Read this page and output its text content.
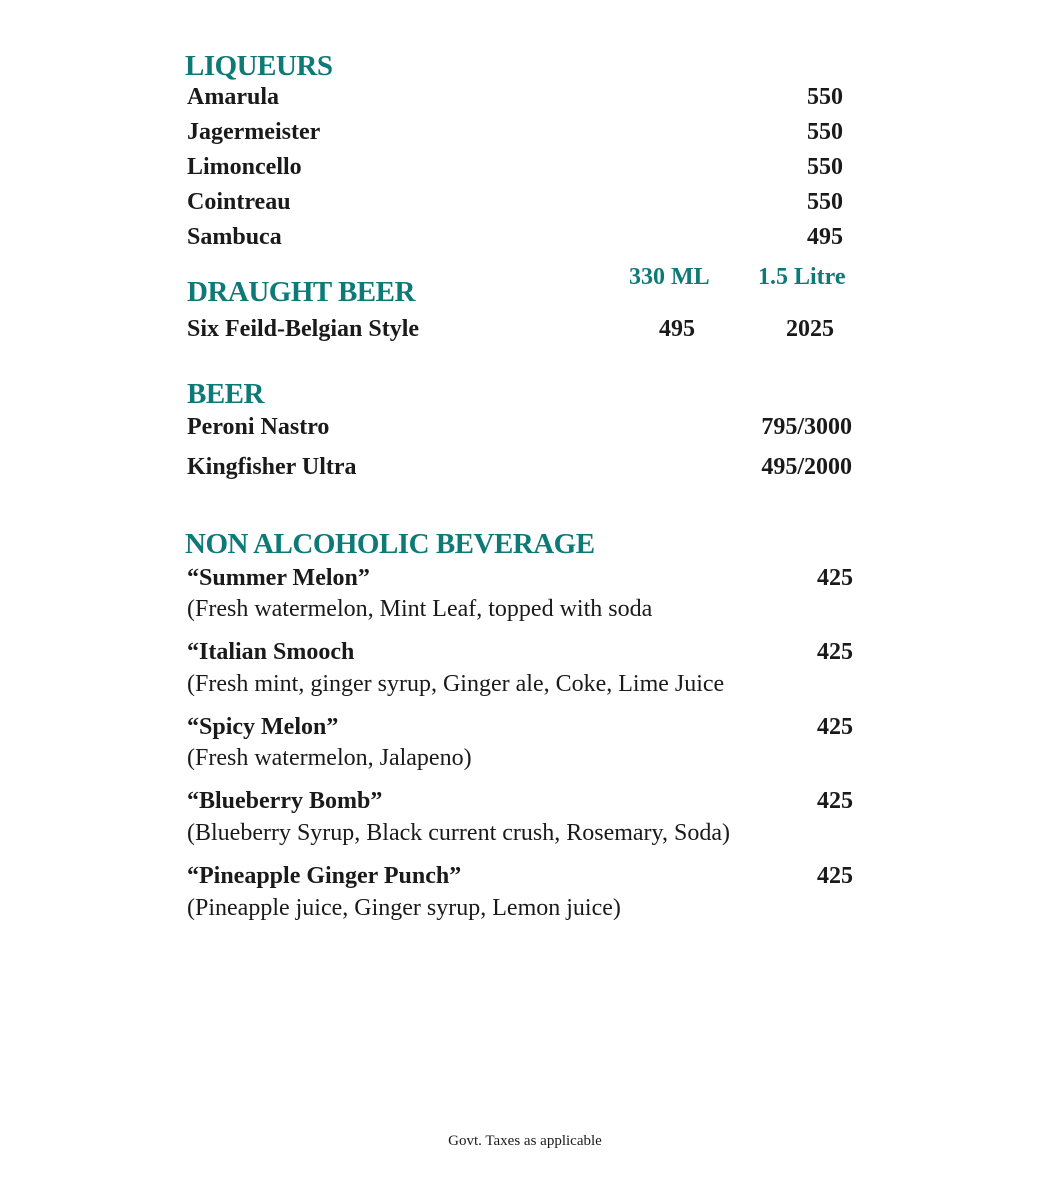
LIQUEURS
Amarula	550
Jagermeister	550
Limoncello	550
Cointreau	550
Sambuca	495
330 ML 1.5 Litre
DRAUGHT BEER
Six Feild-Belgian Style	495	2025
BEER
Peroni Nastro	795/3000
Kingfisher Ultra	495/2000
NON ALCOHOLIC BEVERAGE
“Summer Melon”	425
(Fresh watermelon, Mint Leaf, topped with soda
“Italian Smooch	425
(Fresh mint, ginger syrup, Ginger ale, Coke, Lime Juice
“Spicy Melon”	425
(Fresh watermelon, Jalapeno)
“Blueberry Bomb”	425
(Blueberry Syrup, Black current crush, Rosemary, Soda)
“Pineapple Ginger Punch”	425
(Pineapple juice, Ginger syrup, Lemon juice)
Govt. Taxes as applicable
